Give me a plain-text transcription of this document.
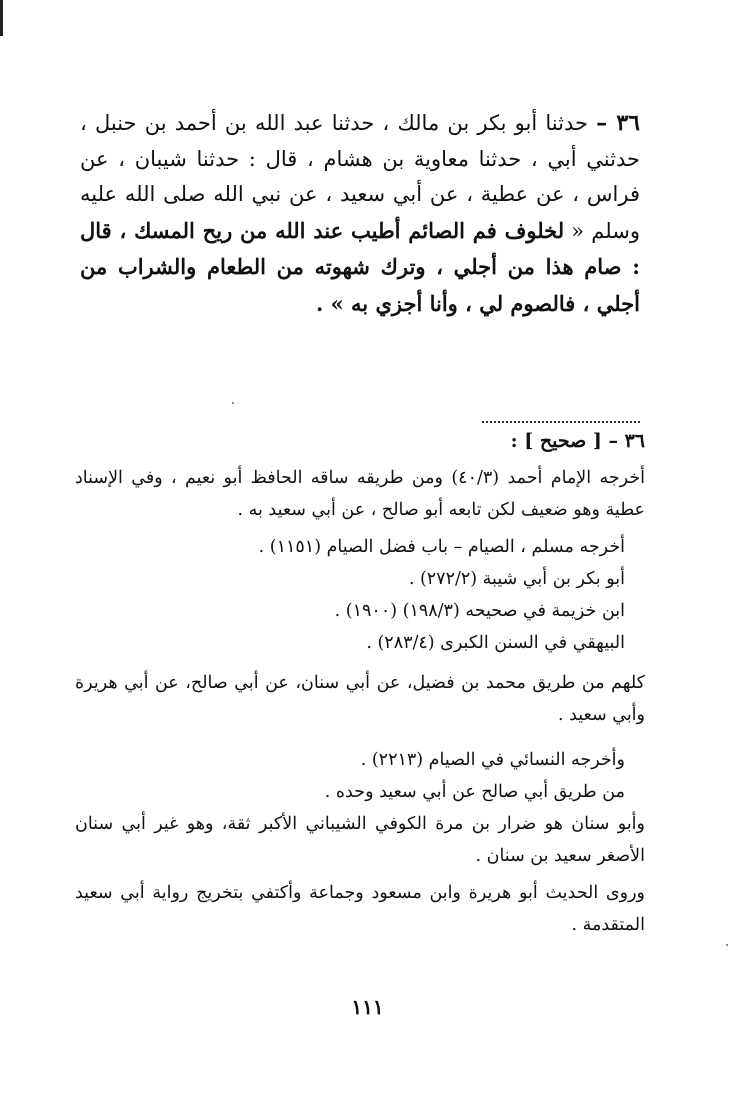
٣٦ – حدثنا أبو بكر بن مالك ، حدثنا عبد الله بن أحمد بن حنبل ، حدثني أبي ، حدثنا معاوية بن هشام ، قال : حدثنا شيبان ، عن فراس ، عن عطية ، عن أبي سعيد ، عن نبي الله صلى الله عليه وسلم « لخلوف فم الصائم أطيب عند الله من ريح المسك ، قال : صام هذا من أجلي ، وترك شهوته من الطعام والشراب من أجلي ، فالصوم لي ، وأنا أجزي به » .
٣٦ – [ صحيح ] :
أخرجه الإمام أحمد (٤٠/٣) ومن طريقه ساقه الحافظ أبو نعيم ، وفي الإسناد عطية وهو ضعيف لكن تابعه أبو صالح ، عن أبي سعيد به .
أخرجه مسلم ، الصيام – باب فضل الصيام (١١٥١) .
أبو بكر بن أبي شيبة (٢٧٢/٢) .
ابن خزيمة في صحيحه (١٩٨/٣) (١٩٠٠) .
البيهقي في السنن الكبرى (٢٨٣/٤) .
كلهم من طريق محمد بن فضيل، عن أبي سنان، عن أبي صالح، عن أبي هريرة وأبي سعيد .
وأخرجه النسائي في الصيام (٢٢١٣) .
من طريق أبي صالح عن أبي سعيد وحده .
وأبو سنان هو ضرار بن مرة الكوفي الشيباني الأكبر ثقة، وهو غير أبي سنان الأصغر سعيد بن سنان .
وروى الحديث أبو هريرة وابن مسعود وجماعة وأكتفي بتخريج رواية أبي سعيد المتقدمة .
١١١
